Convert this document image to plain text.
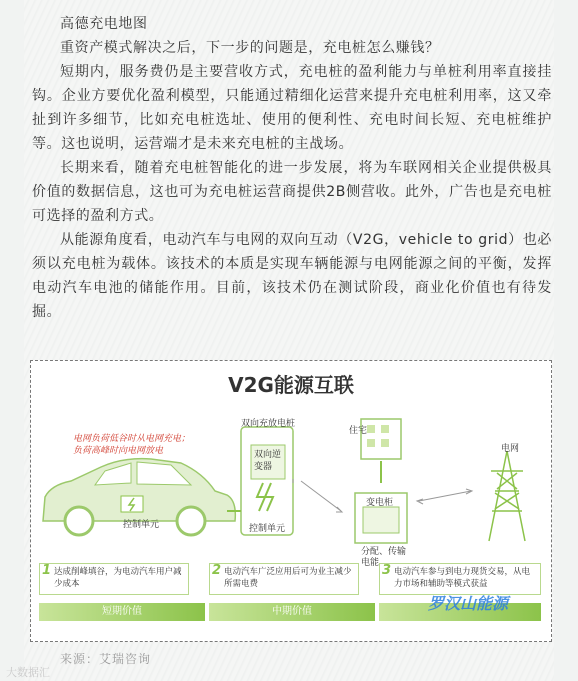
高德充电地图

重资产模式解决之后，下一步的问题是，充电桩怎么赚钱？

短期内，服务费仍是主要营收方式，充电桩的盈利能力与单桩利用率直接挂钩。企业方要优化盈利模型，只能通过精细化运营来提升充电桩利用率，这又牵扯到许多细节，比如充电桩选址、使用的便利性、充电时间长短、充电桩维护等。这也说明，运营端才是未来充电桩的主战场。

长期来看，随着充电桩智能化的进一步发展，将为车联网相关企业提供极具价值的数据信息，这也可为充电桩运营商提供2B侧营收。此外，广告也是充电桩可选择的盈利方式。

从能源角度看，电动汽车与电网的双向互动（V2G，vehicle to grid）也必须以充电桩为载体。该技术的本质是实现车辆能源与电网能源之间的平衡，发挥电动汽车电池的储能作用。目前，该技术仍在测试阶段，商业化价值也有待发掘。

V2G能源互联
电网负荷低谷时从电网充电；
负荷高峰时向电网放电
控制单元
双向充放电桩
双向逆
变器
控制单元
住宅
变电柜
分配、传输
电能
电网
1 达成削峰填谷，为电动汽车用户减少成本
2 电动汽车广泛应用后可为业主减少所需电费
3 电动汽车参与到电力现货交易，从电力市场和辅助等模式获益
短期价值	中期价值	罗汉山能源
来源：艾瑞咨询
大数据汇
